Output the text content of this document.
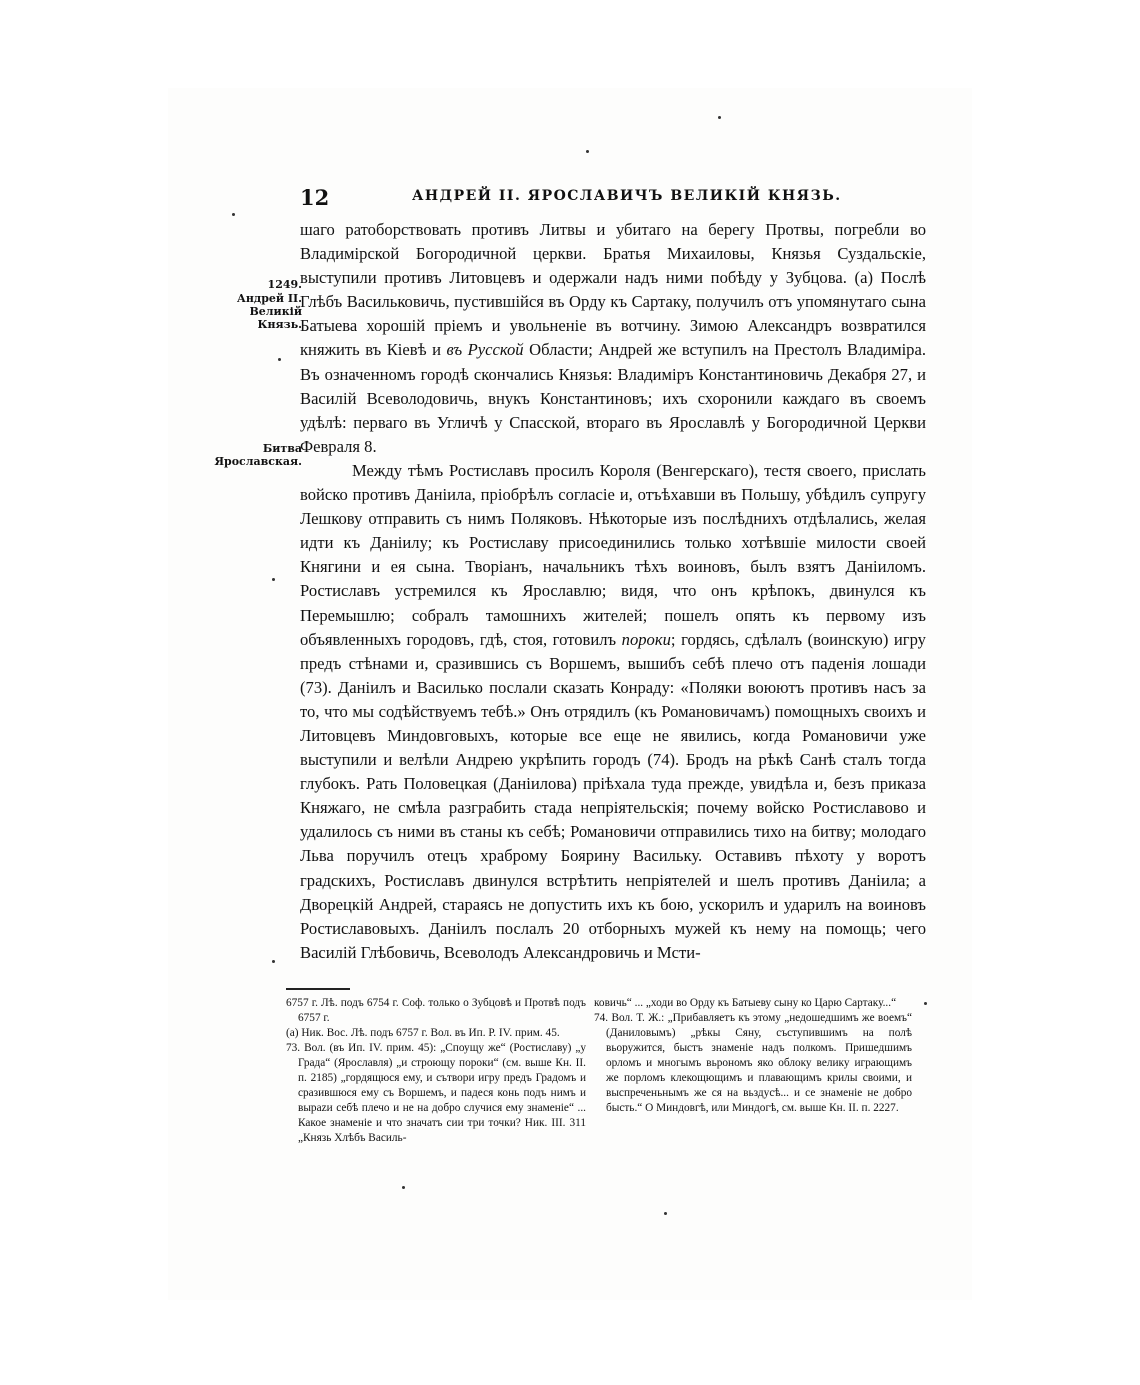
12	АНДРЕЙ II. ЯРОСЛАВИЧЪ ВЕЛИКІЙ КНЯЗЬ.
1249.
Андрей II. Великій Князь.
Битва Ярославская.

шаго ратоборствовать противъ Литвы и убитаго на берегу Протвы, погребли во Владимірской Богородичной церкви. Братья Михаиловы, Князья Суздальскіе, выступили противъ Литовцевъ и одержали надъ ними побѣду у Зубцова. (а) Послѣ Глѣбъ Васильковичь, пустившійся въ Орду къ Сартаку, получилъ отъ упомянутаго сына Батыева хорошій пріемъ и увольненіе въ вотчину. Зимою Александръ возвратился княжить въ Кіевѣ и въ Русской Области; Андрей же вступилъ на Престолъ Владиміра. Въ означенномъ городѣ скончались Князья: Владиміръ Константиновичь Декабря 27, и Василій Всеволодовичь, внукъ Константиновъ; ихъ схоронили каждаго въ своемъ удѣлѣ: перваго въ Угличѣ у Спасской, втораго въ Ярославлѣ у Богородичной Церкви Февраля 8.

Между тѣмъ Ростиславъ просилъ Короля (Венгерскаго), тестя своего, прислать войско противъ Даніила, пріобрѣлъ согласіе и, отъѣхавши въ Польшу, убѣдилъ супругу Лешкову отправить съ нимъ Поляковъ. Нѣкоторые изъ послѣднихъ отдѣлались, желая идти къ Даніилу; къ Ростиславу присоединились только хотѣвшіе милости своей Княгини и ея сына. Творіанъ, начальникъ тѣхъ воиновъ, былъ взятъ Даніиломъ. Ростиславъ устремился къ Ярославлю; видя, что онъ крѣпокъ, двинулся къ Перемышлю; собралъ тамошнихъ жителей; пошелъ опять къ первому изъ объявленныхъ городовъ, гдѣ, стоя, готовилъ пороки; гордясь, сдѣлалъ (воинскую) игру предъ стѣнами и, сразившись съ Воршемъ, вышибъ себѣ плечо отъ паденія лошади (73). Даніилъ и Василько послали сказать Конраду: «Поляки воюютъ противъ насъ за то, что мы содѣйствуемъ тебѣ.» Онъ отрядилъ (къ Романовичамъ) помощныхъ своихъ и Литовцевъ Миндовговыхъ, которые все еще не явились, когда Романовичи уже выступили и велѣли Андрею укрѣпить городъ (74). Бродъ на рѣкѣ Санѣ сталъ тогда глубокъ. Рать Половецкая (Даніилова) пріѣхала туда прежде, увидѣла и, безъ приказа Княжаго, не смѣла разграбить стада непріятельскія; почему войско Ростиславово и удалилось съ ними въ станы къ себѣ; Романовичи отправились тихо на битву; молодаго Льва поручилъ отецъ храброму Боярину Васильку. Оставивъ пѣхоту у воротъ градскихъ, Ростиславъ двинулся встрѣтить непріятелей и шелъ противъ Даніила; а Дворецкій Андрей, стараясь не допустить ихъ къ бою, ускорилъ и ударилъ на воиновъ Ростиславовыхъ. Даніилъ послалъ 20 отборныхъ мужей къ нему на помощь; чего Василій Глѣбовичь, Всеволодъ Александровичь и Мсти-

6757 г. Лѣ. подъ 6754 г. Соф. только о Зубцовѣ и Протвѣ подъ 6757 г.

(а) Ник. Вос. Лѣ. подъ 6757 г. Вол. въ Ип. Р. IV. прим. 45.

73. Вол. (въ Ип. IV. прим. 45): „Споущу же“ (Ростиславу) „у Града“ (Ярославля) „и строющу пороки“ (см. выше Кн. II. п. 2185) „гордящюся ему, и сътвори игру предъ Градомъ и сразившюся ему съ Воршемъ, и падеся конь подъ нимъ и выраzи себѣ плечо и не на добро случися ему знаменіе“ ... Какое знаменіе и что значатъ сии три точки? Ник. III. 311 „Князь Хлѣбъ Василь-

ковичь“ ... „ходи во Орду къ Батыеву сыну ко Царю Сартаку...“

74. Вол. Т. Ж.: „Прибавляетъ къ этому „недошедшимъ же воемъ“ (Даниловымъ) „рѣкы Сяну, съступившимъ на полѣ вьоружится, быстъ знаменіе надъ полкомъ. Пришедшимъ орломъ и многымъ вьрономъ яко облоку велику играющимъ же порломъ клекощющимъ и плавающимъ крилы своими, и выспреченьнымъ же ся на вьздусѣ... и се знаменіе не добро бысть.“ О Миндовгѣ, или Миндогѣ, см. выше Кн. II. п. 2227.
